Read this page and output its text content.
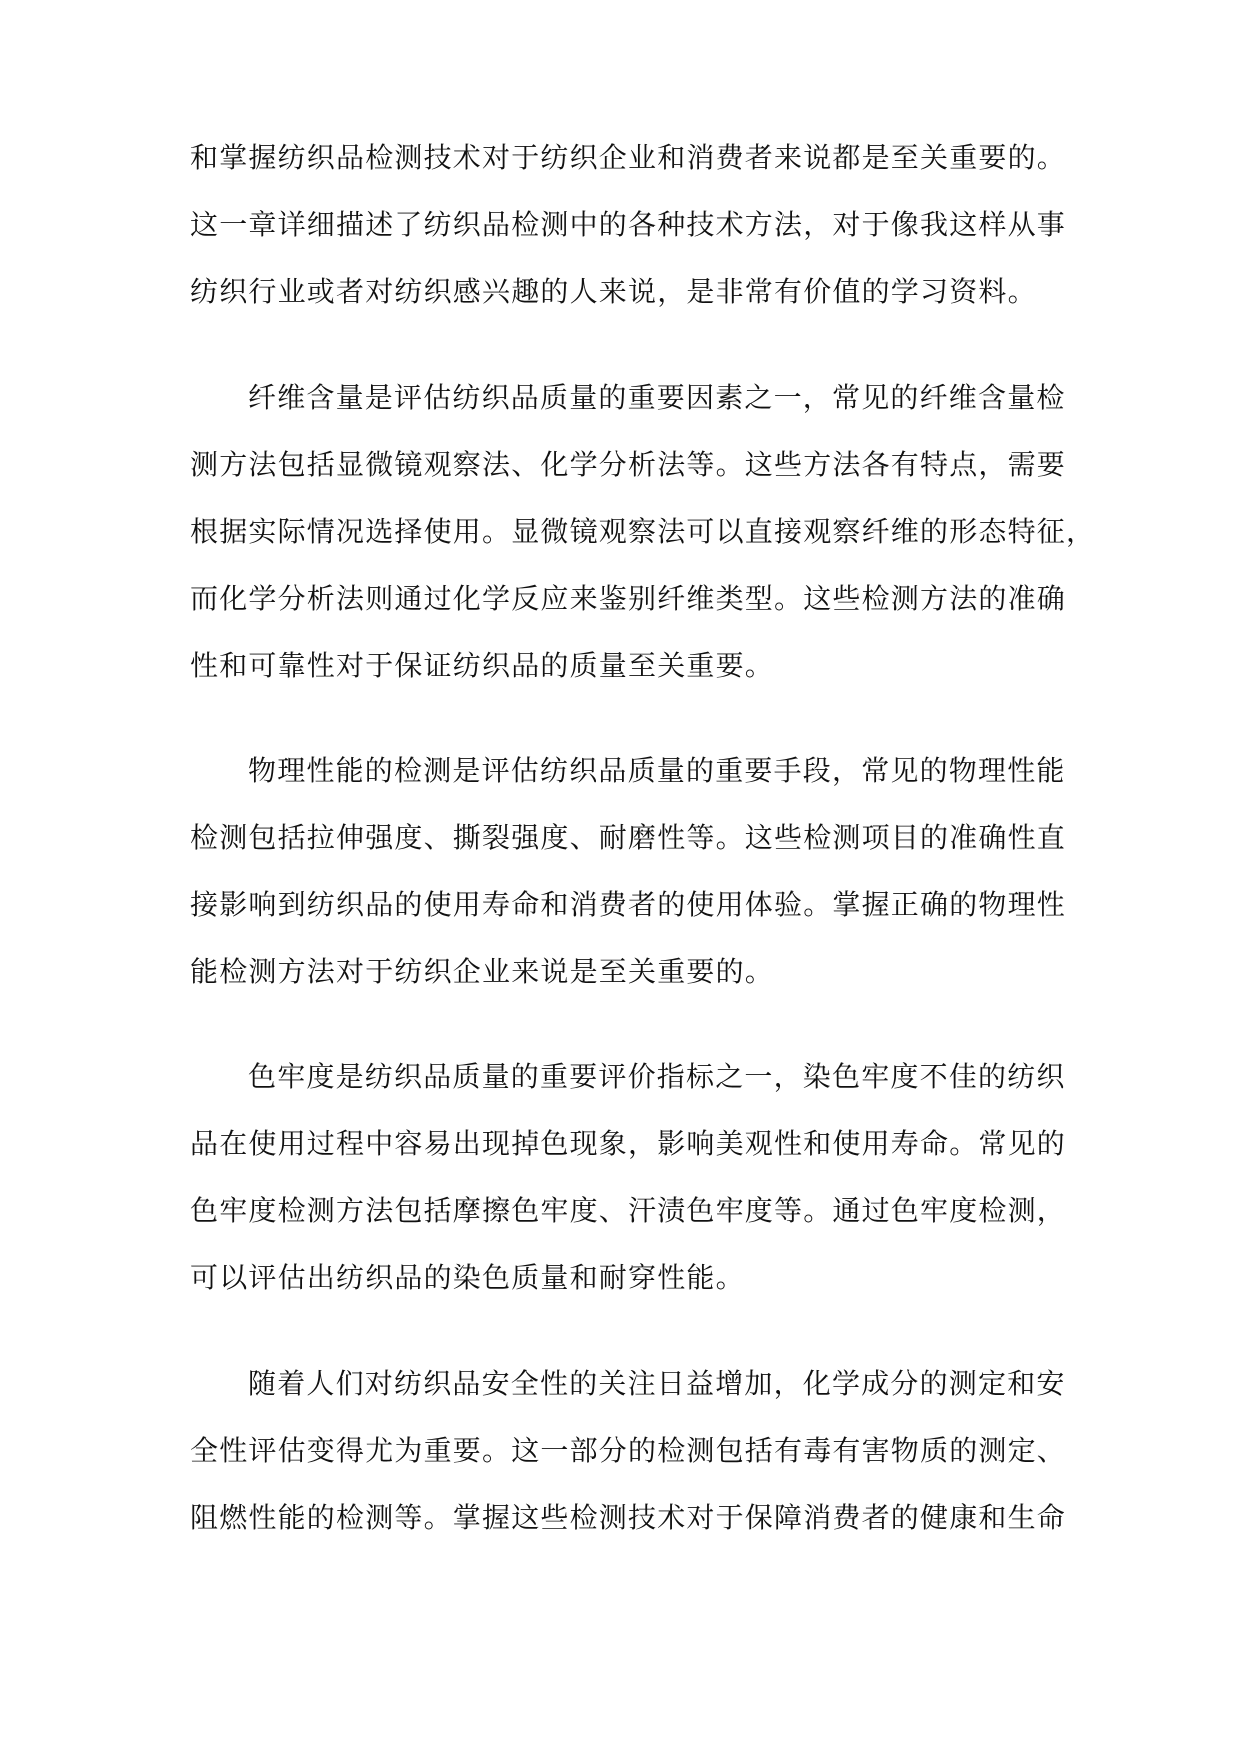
和掌握纺织品检测技术对于纺织企业和消费者来说都是至关重要的。
这一章详细描述了纺织品检测中的各种技术方法，对于像我这样从事
纺织行业或者对纺织感兴趣的人来说，是非常有价值的学习资料。
纤维含量是评估纺织品质量的重要因素之一，常见的纤维含量检
测方法包括显微镜观察法、化学分析法等。这些方法各有特点，需要
根据实际情况选择使用。显微镜观察法可以直接观察纤维的形态特征，
而化学分析法则通过化学反应来鉴别纤维类型。这些检测方法的准确
性和可靠性对于保证纺织品的质量至关重要。
物理性能的检测是评估纺织品质量的重要手段，常见的物理性能
检测包括拉伸强度、撕裂强度、耐磨性等。这些检测项目的准确性直
接影响到纺织品的使用寿命和消费者的使用体验。掌握正确的物理性
能检测方法对于纺织企业来说是至关重要的。
色牢度是纺织品质量的重要评价指标之一，染色牢度不佳的纺织
品在使用过程中容易出现掉色现象，影响美观性和使用寿命。常见的
色牢度检测方法包括摩擦色牢度、汗渍色牢度等。通过色牢度检测，
可以评估出纺织品的染色质量和耐穿性能。
随着人们对纺织品安全性的关注日益增加，化学成分的测定和安
全性评估变得尤为重要。这一部分的检测包括有毒有害物质的测定、
阻燃性能的检测等。掌握这些检测技术对于保障消费者的健康和生命
